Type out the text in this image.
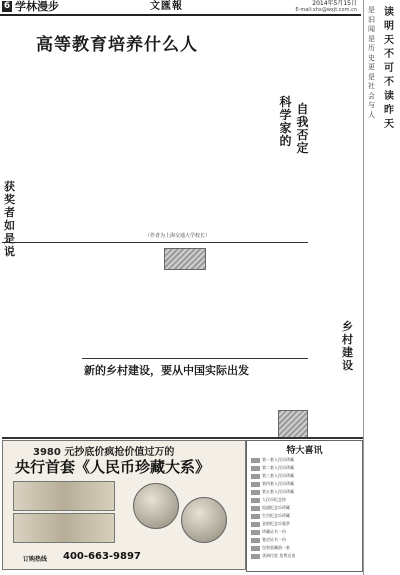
6 学林漫步	文匯報	2014年5月15日
E-mail:xhx@wxjt.com.cn
高等教育培养什么人
（作者为上海交通大学校长）
科
学
家
的
自
我
否
定
获
奖
者
如
是
说
新的乡村建设，要从中国实际出发
乡
村
建
设
3980 元抄底价疯抢价值过万的
央行首套《人民币珍藏大系》
订购热线 400-663-9897
特大喜讯
第一套人民币珍藏
第二套人民币珍藏
第三套人民币珍藏
第四套人民币珍藏
第五套人民币珍藏
人民币纪念钞
流通纪念币珍藏
生肖纪念币珍藏
金银纪念币鉴赏
珍藏证书一份
鉴定证书一份
包装收藏册一套
货到付款 免费送货
读
明
天
不
可
不
读
昨
天
是
旧
闻
是
历
史
更
是
社
会
与
人
